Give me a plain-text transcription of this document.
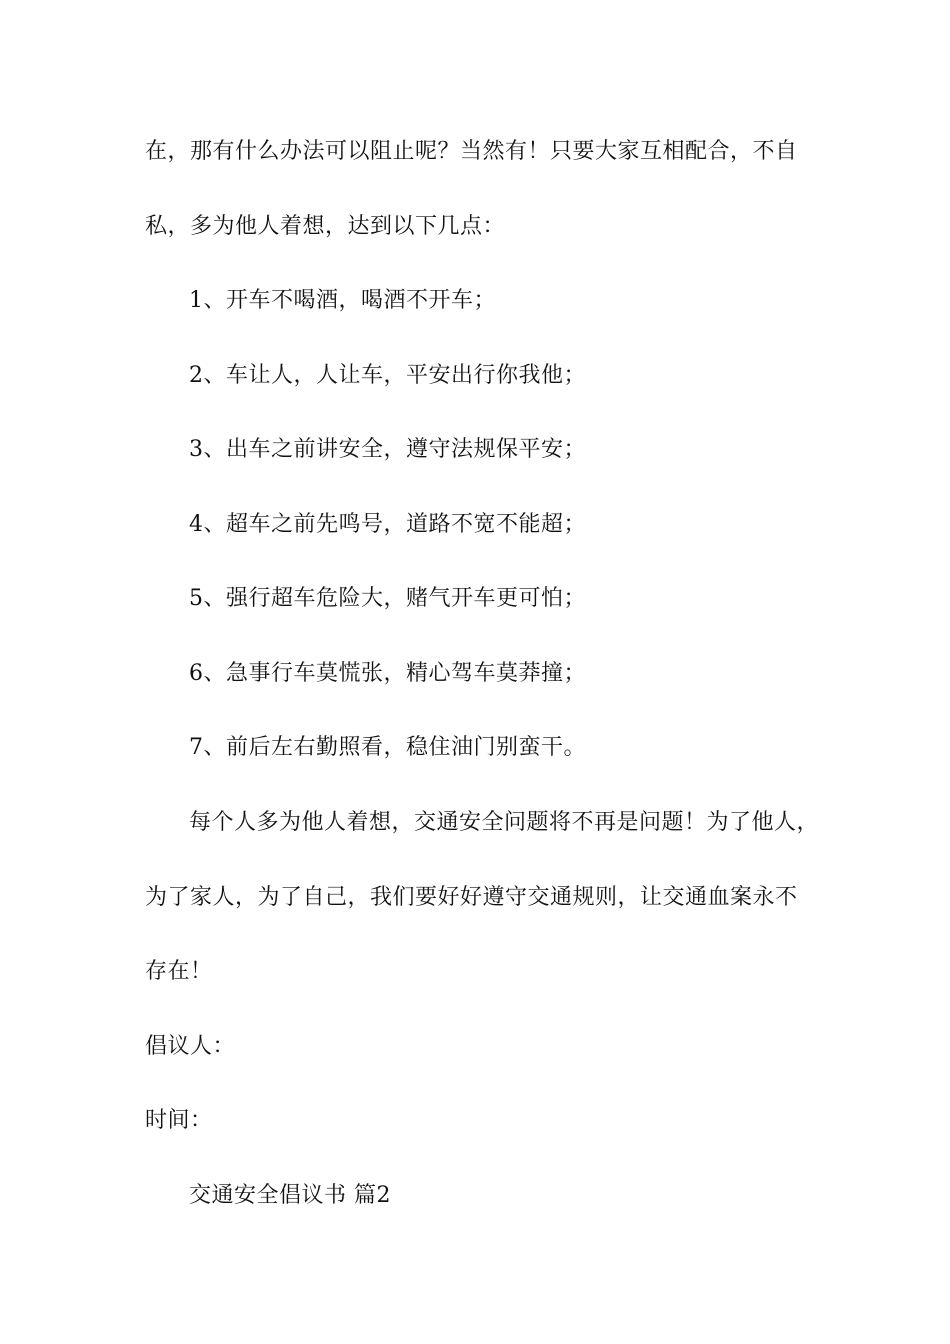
在，那有什么办法可以阻止呢？当然有！只要大家互相配合，不自
私，多为他人着想，达到以下几点：
1、开车不喝酒，喝酒不开车；
2、车让人，人让车，平安出行你我他；
3、出车之前讲安全，遵守法规保平安；
4、超车之前先鸣号，道路不宽不能超；
5、强行超车危险大，赌气开车更可怕；
6、急事行车莫慌张，精心驾车莫莽撞；
7、前后左右勤照看，稳住油门别蛮干。
每个人多为他人着想，交通安全问题将不再是问题！为了他人，
为了家人，为了自己，我们要好好遵守交通规则，让交通血案永不
存在！
倡议人：
时间：
交通安全倡议书 篇2
